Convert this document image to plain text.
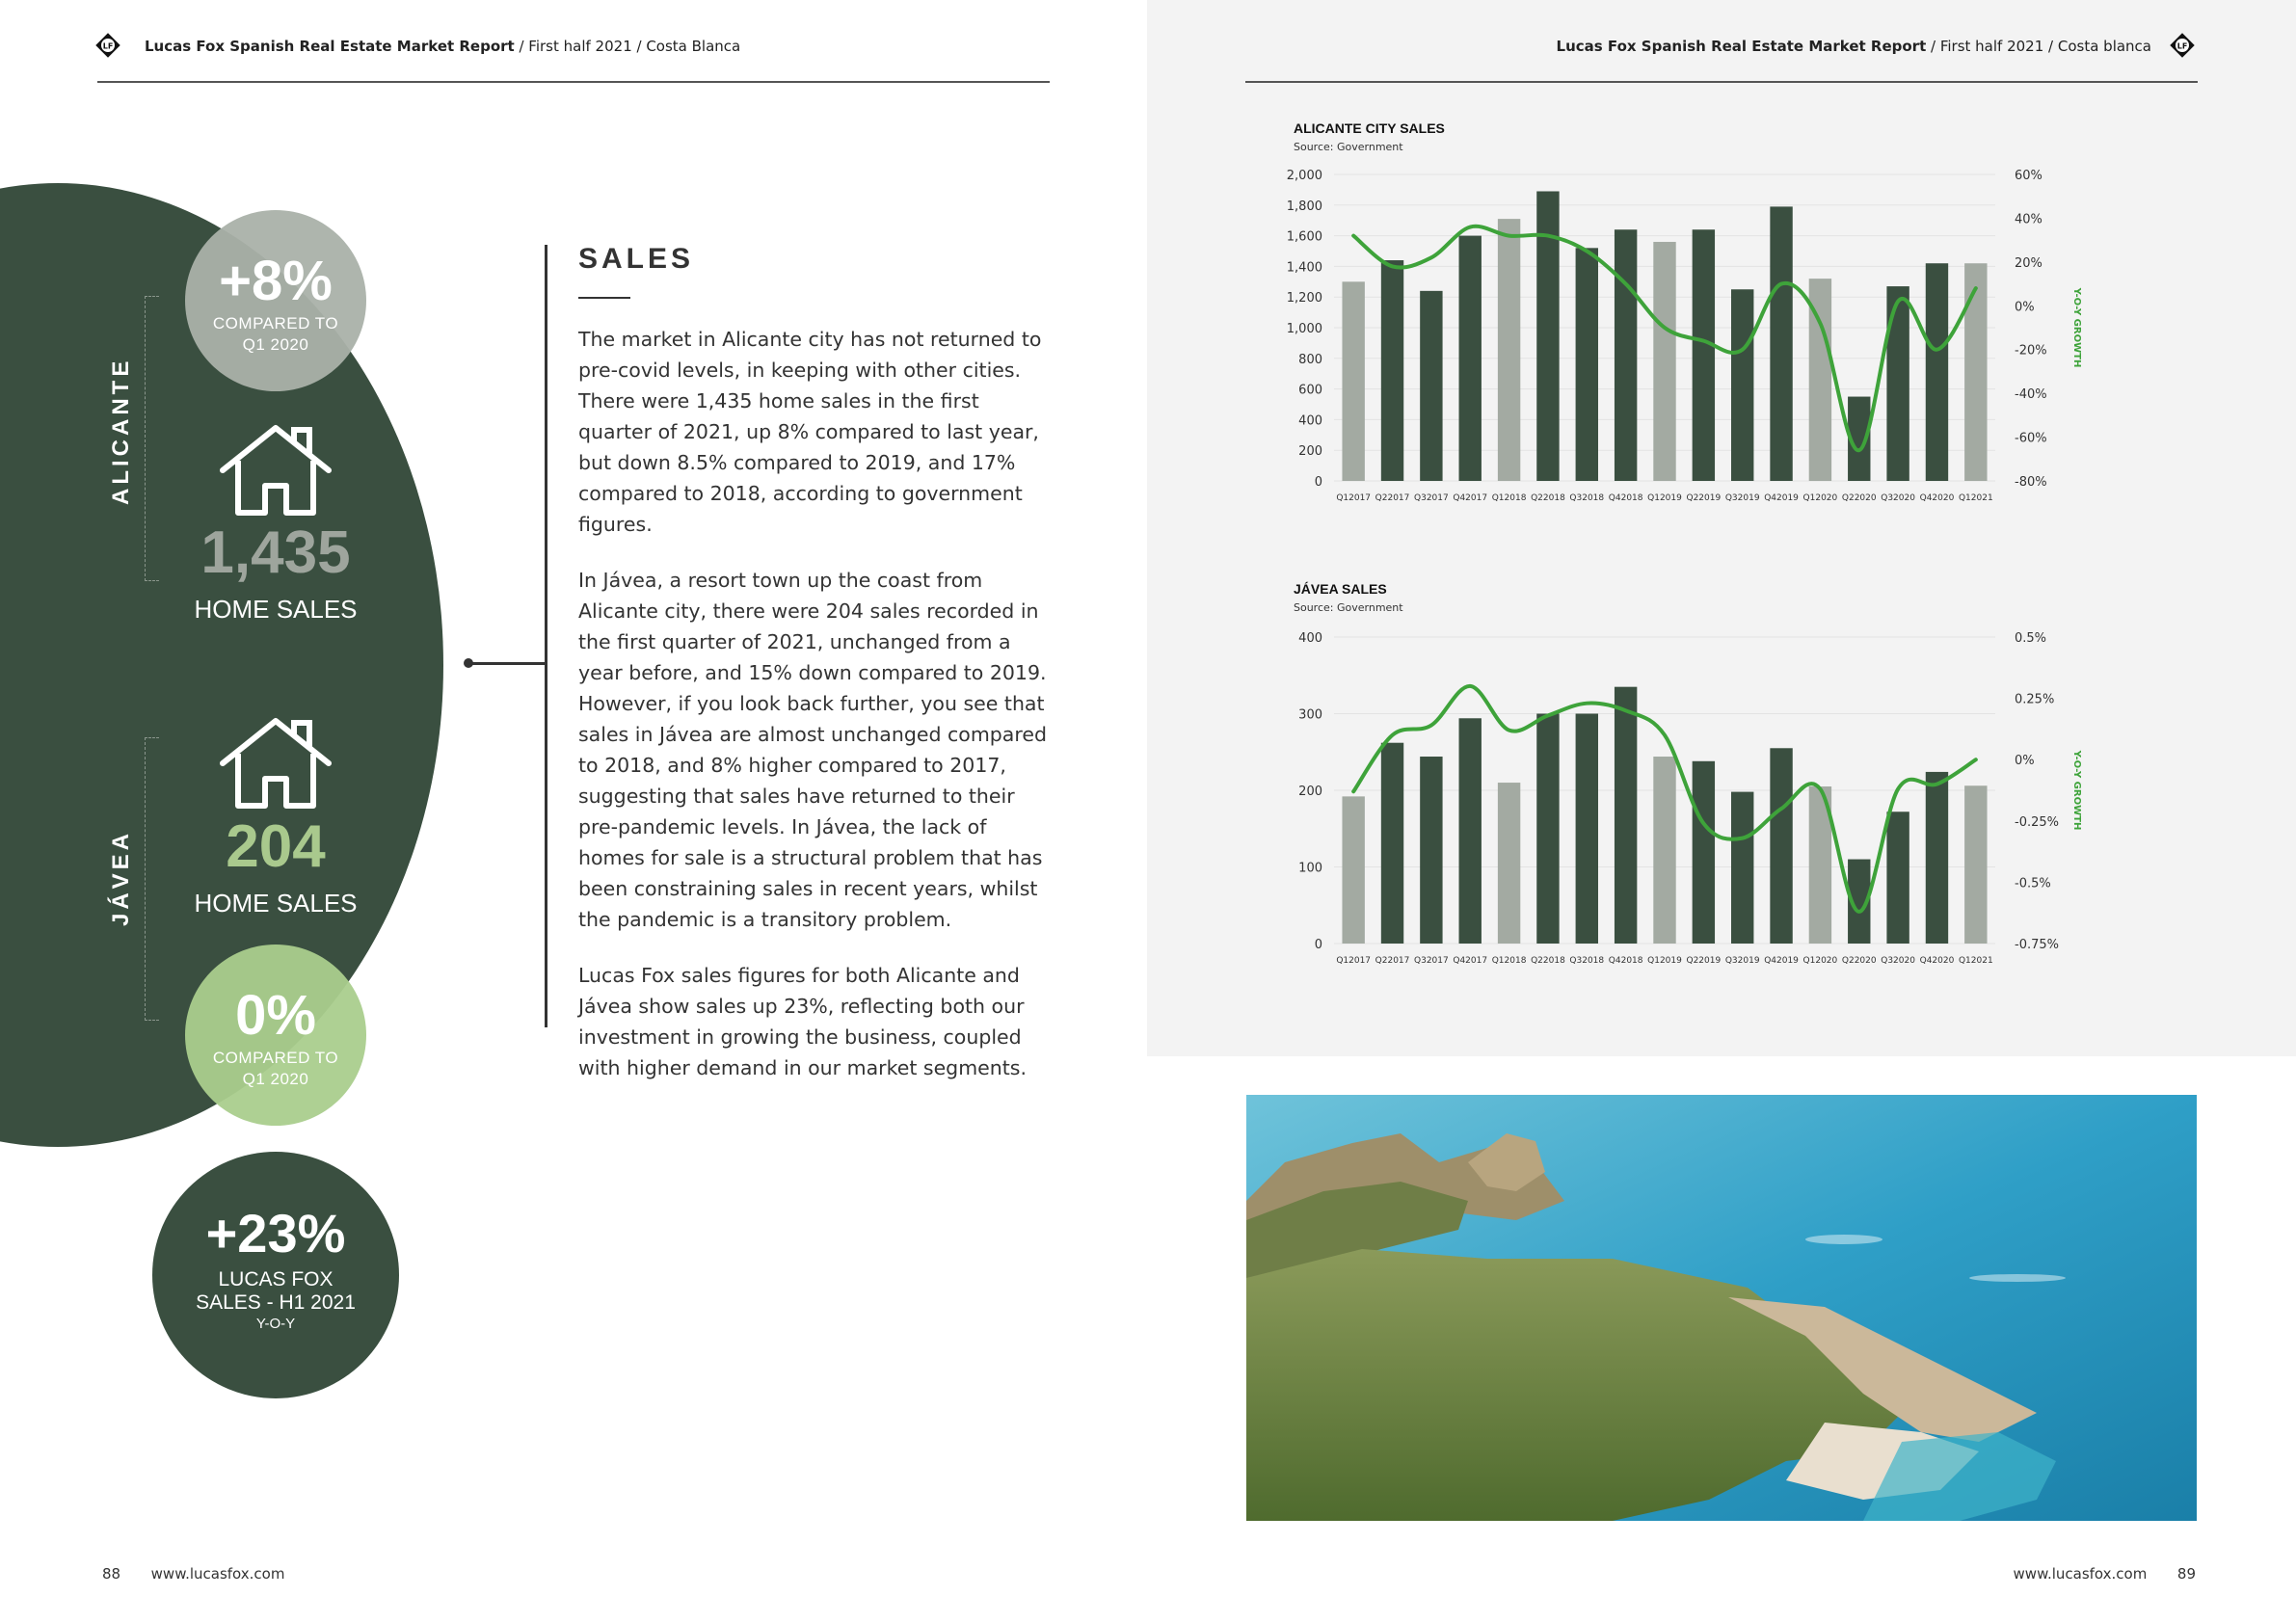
LF Lucas Fox Spanish Real Estate Market Report / First half 2021 / Costa Blanca
ALICANTE
+8%
COMPARED TO
Q1 2020
1,435
HOME SALES
JÁVEA	204
HOME SALES
0%
COMPARED TO
Q1 2020
+23%
LUCAS FOX
SALES - H1 2021
Y-O-Y
SALES

The market in Alicante city has not returned to pre-covid levels, in keeping with other cities. There were 1,435 home sales in the first quarter of 2021, up 8% compared to last year, but down 8.5% compared to 2019, and 17% compared to 2018, according to government figures.

In Jávea, a resort town up the coast from Alicante city, there were 204 sales recorded in the first quarter of 2021, unchanged from a year before, and 15% down compared to 2019. However, if you look back further, you see that sales in Jávea are almost unchanged compared to 2018, and 8% higher compared to 2017, suggesting that sales have returned to their pre-pandemic levels. In Jávea, the lack of homes for sale is a structural problem that has been constraining sales in recent years, whilst the pandemic is a transitory problem.

Lucas Fox sales figures for both Alicante and Jávea show sales up 23%, reflecting both our investment in growing the business, coupled with higher demand in our market segments.

88 www.lucasfox.com
Lucas Fox Spanish Real Estate Market Report / First half 2021 / Costa blanca	LF
ALICANTE CITY SALES
Source: Government
0
200
400
600
800
1,000
1,200
1,400
1,600
1,800
2,000
-80%
-60%
-40%
-20%
0%
20%
40%
60%
Y-O-Y GROWTH
Q12017 Q22017 Q32017 Q42017 Q12018 Q22018 Q32018 Q42018 Q12019 Q22019 Q32019 Q42019 Q12020 Q22020 Q32020 Q42020 Q12021
JÁVEA SALES
Source: Government
0
100
200
300
400
-0.75%
-0.5%
-0.25%
0%
0.25%
0.5%
Y-O-Y GROWTH
Q12017 Q22017 Q32017 Q42017 Q12018 Q22018 Q32018 Q42018 Q12019 Q22019 Q32019 Q42019 Q12020 Q22020 Q32020 Q42020 Q12021
www.lucasfox.com 89
